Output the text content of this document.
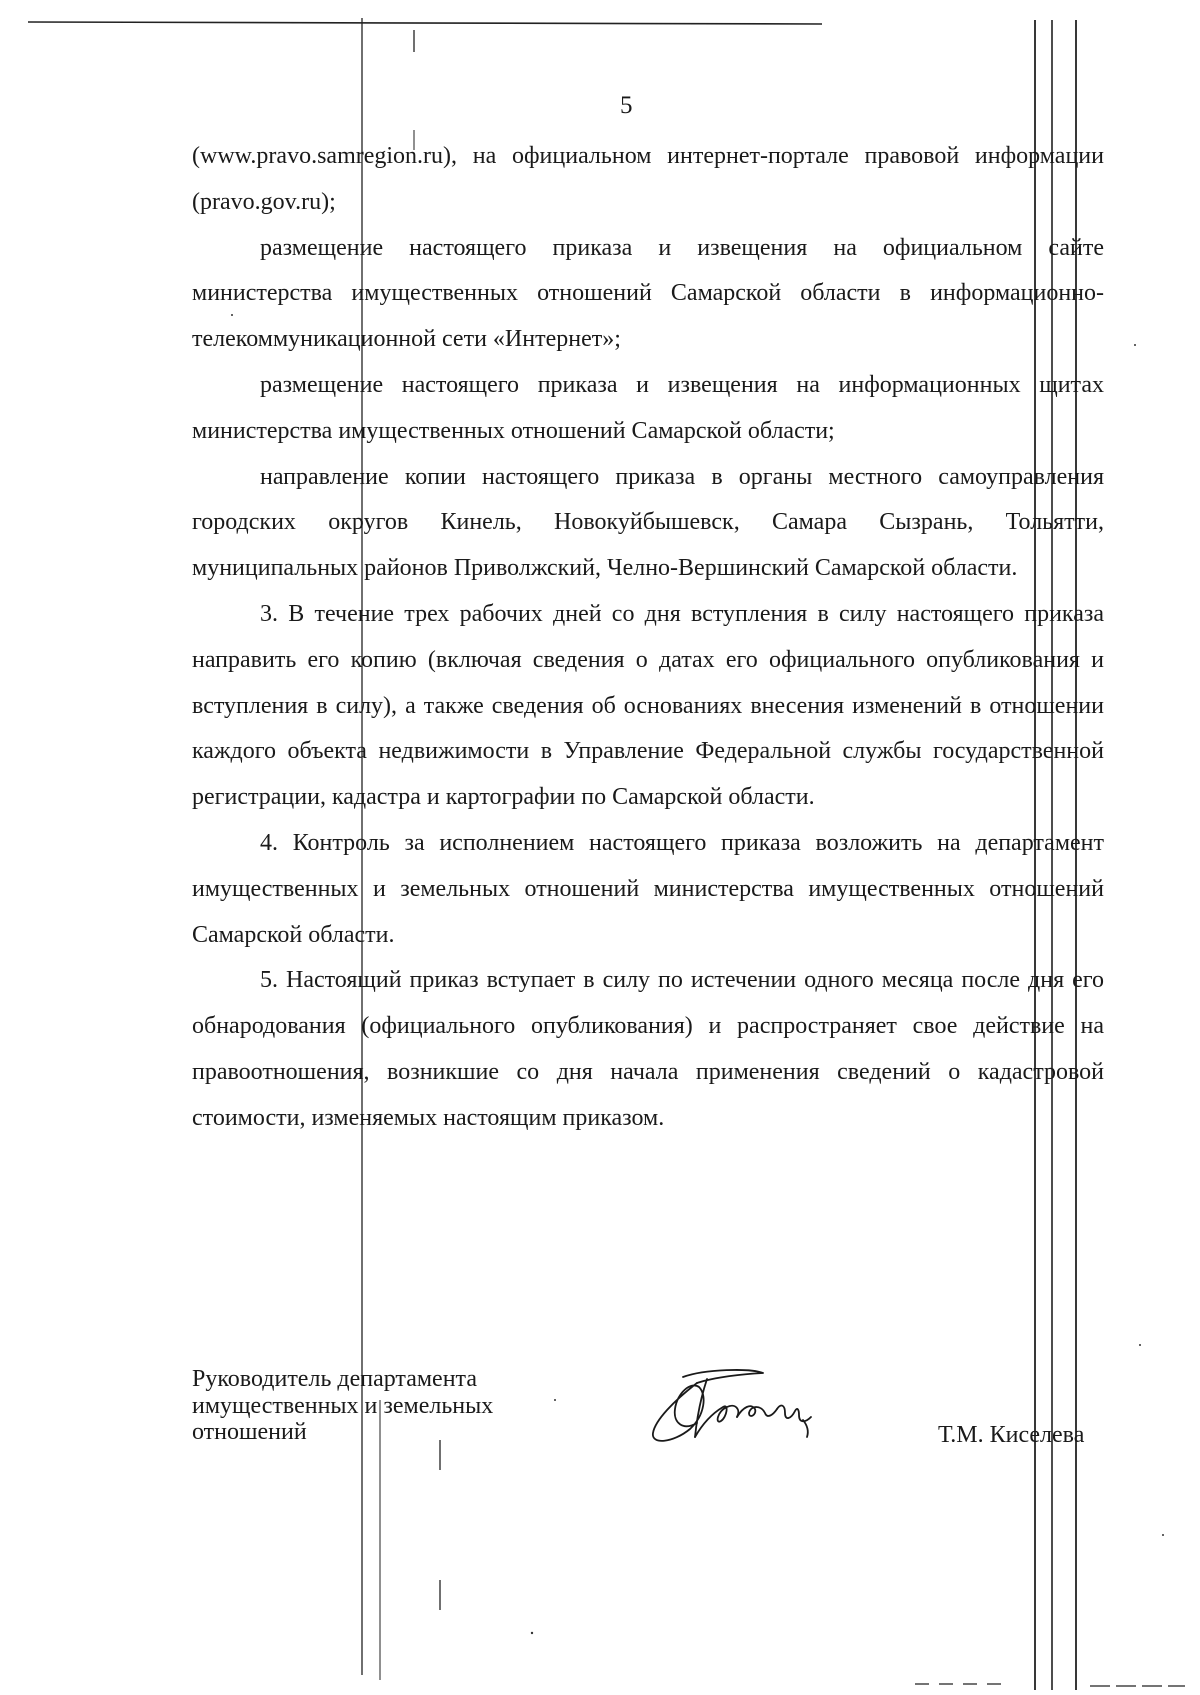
5

(www.pravo.samregion.ru), на официальном интернет-портале правовой информации (pravo.gov.ru);

размещение настоящего приказа и извещения на официальном сайте министерства имущественных отношений Самарской области в информационно-телекоммуникационной сети «Интернет»;

размещение настоящего приказа и извещения на информационных щитах министерства имущественных отношений Самарской области;

направление копии настоящего приказа в органы местного самоуправления городских округов Кинель, Новокуйбышевск, Самара Сызрань, Тольятти, муниципальных районов Приволжский, Челно-Вершинский Самарской области.

3. В течение трех рабочих дней со дня вступления в силу настоящего приказа направить его копию (включая сведения о датах его официального опубликования и вступления в силу), а также сведения об основаниях внесения изменений в отношении каждого объекта недвижимости в Управление Федеральной службы государственной регистрации, кадастра и картографии по Самарской области.

4. Контроль за исполнением настоящего приказа возложить на департамент имущественных и земельных отношений министерства имущественных отношений Самарской области.

5. Настоящий приказ вступает в силу по истечении одного месяца после дня его обнародования (официального опубликования) и распространяет свое действие на правоотношения, возникшие со дня начала применения сведений о кадастровой стоимости, изменяемых настоящим приказом.

Руководитель департамента
имущественных и земельных
отношений	Т.М. Киселева
